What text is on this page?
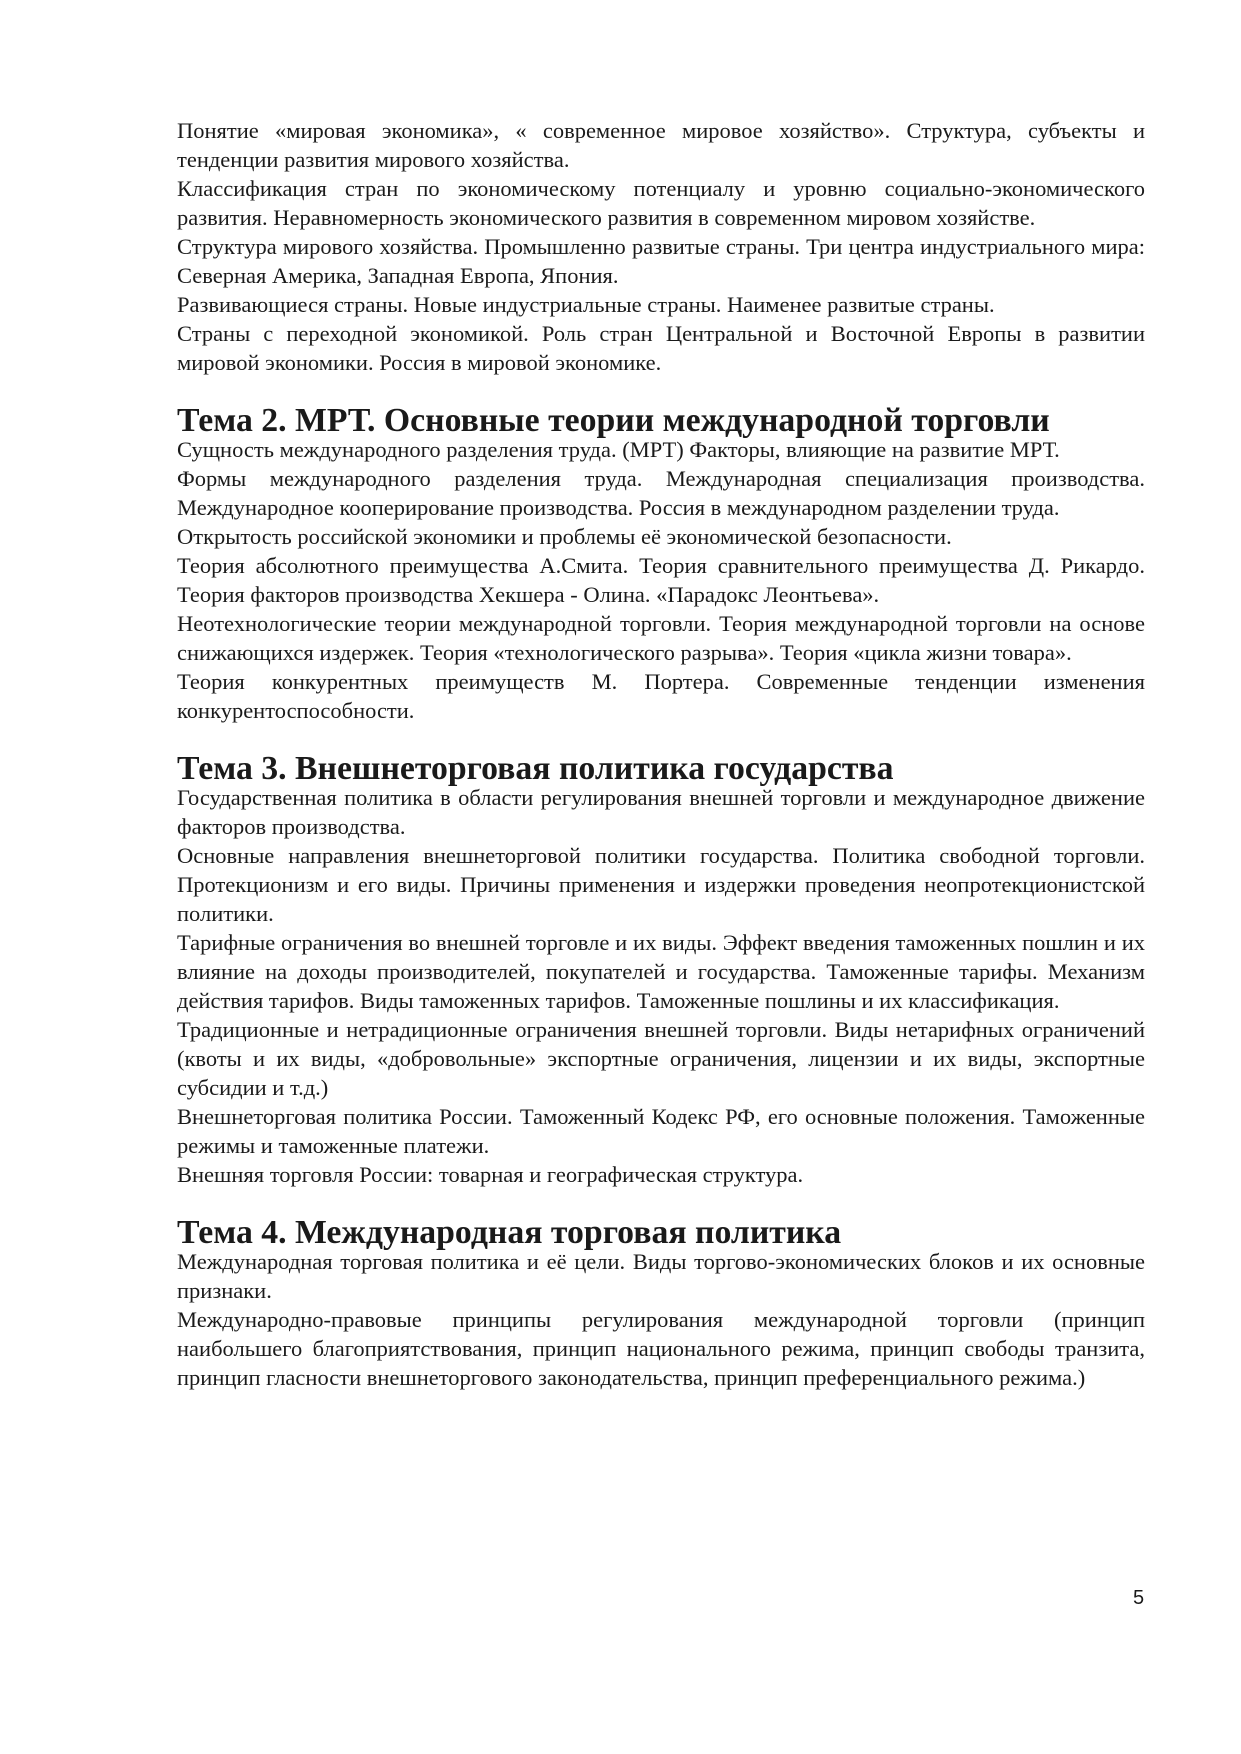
Понятие «мировая экономика», « современное мировое хозяйство». Структура, субъекты и тенденции развития мирового хозяйства.

Классификация стран по экономическому потенциалу и уровню социально-экономического развития. Неравномерность экономического развития в современном мировом хозяйстве.

Структура мирового хозяйства. Промышленно развитые страны. Три центра индустриального мира: Северная Америка, Западная Европа, Япония.

Развивающиеся страны. Новые индустриальные страны. Наименее развитые страны.

Страны с переходной экономикой. Роль стран Центральной и Восточной Европы в развитии мировой экономики. Россия в мировой экономике.

Тема 2. МРТ. Основные теории международной торговли

Сущность международного разделения труда. (МРТ) Факторы, влияющие на развитие МРТ.

Формы международного разделения труда. Международная специализация производства. Международное кооперирование производства. Россия в международном разделении труда.

Открытость российской экономики и проблемы её экономической безопасности.

Теория абсолютного преимущества А.Смита. Теория сравнительного преимущества Д. Рикардо. Теория факторов производства Хекшера - Олина. «Парадокс Леонтьева».

Неотехнологические теории международной торговли. Теория международной торговли на основе снижающихся издержек. Теория «технологического разрыва». Теория «цикла жизни товара».

Теория конкурентных преимуществ М. Портера. Современные тенденции изменения конкурентоспособности.

Тема 3. Внешнеторговая политика государства

Государственная политика в области регулирования внешней торговли и международное движение факторов производства.

Основные направления внешнеторговой политики государства. Политика свободной торговли. Протекционизм и его виды. Причины применения и издержки проведения неопротекционистской политики.

Тарифные ограничения во внешней торговле и их виды. Эффект введения таможенных пошлин и их влияние на доходы производителей, покупателей и государства. Таможенные тарифы. Механизм действия тарифов. Виды таможенных тарифов. Таможенные пошлины и их классификация.

Традиционные и нетрадиционные ограничения внешней торговли. Виды нетарифных ограничений (квоты и их виды, «добровольные» экспортные ограничения, лицензии и их виды, экспортные субсидии и т.д.)

Внешнеторговая политика России. Таможенный Кодекс РФ, его основные положения. Таможенные режимы и таможенные платежи.

Внешняя торговля России: товарная и географическая структура.

Тема 4. Международная торговая политика

Международная торговая политика и её цели. Виды торгово-экономических блоков и их основные признаки.

Международно-правовые принципы регулирования международной торговли (принцип наибольшего благоприятствования, принцип национального режима, принцип свободы транзита, принцип гласности внешнеторгового законодательства, принцип преференциального режима.)

5
